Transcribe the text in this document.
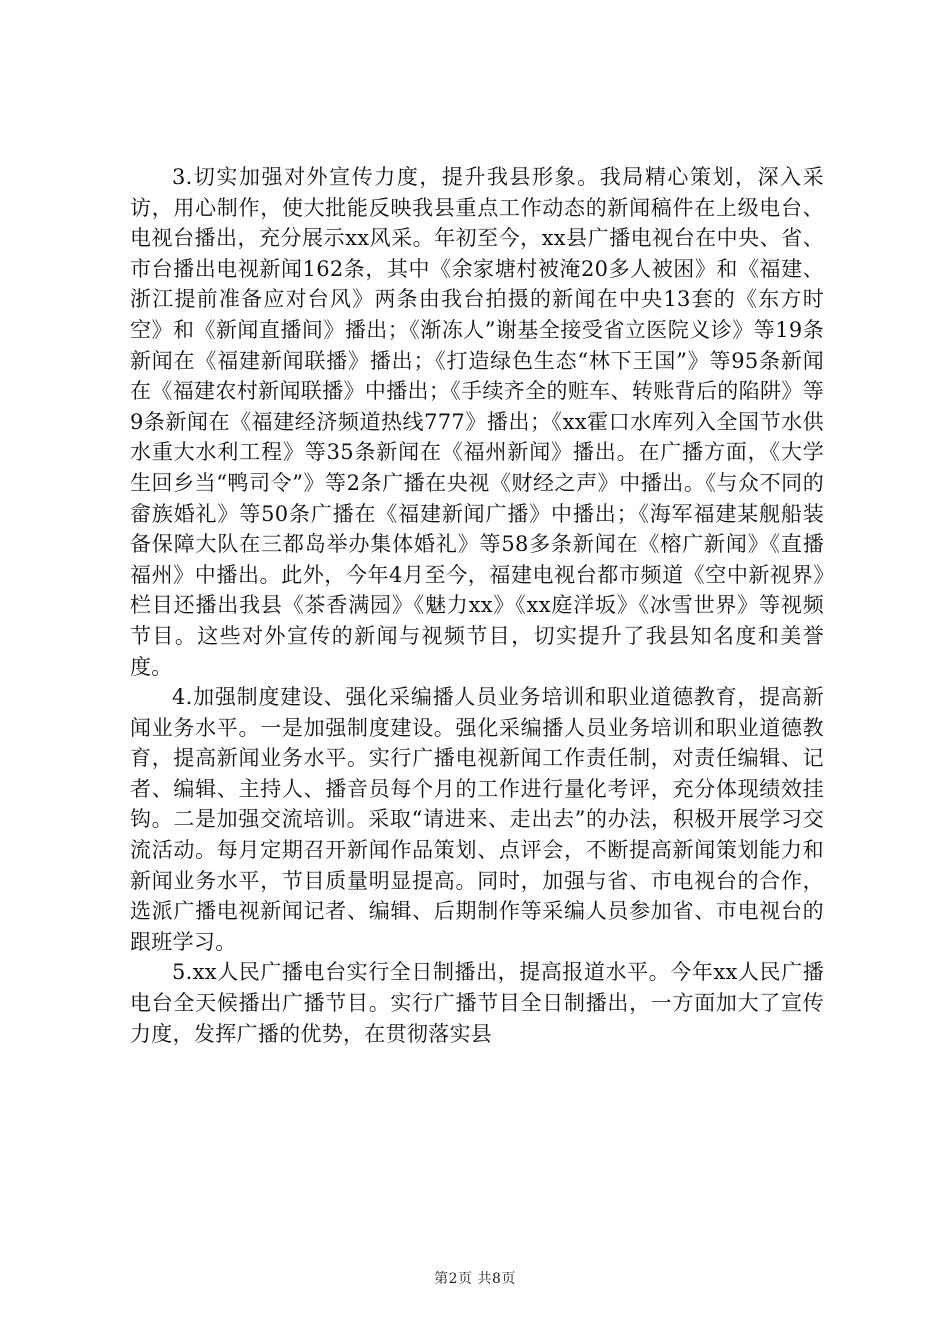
3.切实加强对外宣传力度，提升我县形象。我局精心策划，深入采访，用心制作，使大批能反映我县重点工作动态的新闻稿件在上级电台、电视台播出，充分展示xx风采。年初至今，xx县广播电视台在中央、省、市台播出电视新闻162条，其中《余家塘村被淹20多人被困》和《福建、浙江提前准备应对台风》两条由我台拍摄的新闻在中央13套的《东方时空》和《新闻直播间》播出；《渐冻人”谢基全接受省立医院义诊》等19条新闻在《福建新闻联播》播出；《打造绿色生态“林下王国”》等95条新闻在《福建农村新闻联播》中播出；《手续齐全的赃车、转账背后的陷阱》等9条新闻在《福建经济频道热线777》播出；《xx霍口水库列入全国节水供水重大水利工程》等35条新闻在《福州新闻》播出。在广播方面，《大学生回乡当“鸭司令”》等2条广播在央视《财经之声》中播出。《与众不同的畲族婚礼》等50条广播在《福建新闻广播》中播出；《海军福建某舰船装备保障大队在三都岛举办集体婚礼》等58多条新闻在《榕广新闻》《直播福州》中播出。此外，今年4月至今，福建电视台都市频道《空中新视界》栏目还播出我县《茶香满园》《魅力xx》《xx庭洋坂》《冰雪世界》等视频节目。这些对外宣传的新闻与视频节目，切实提升了我县知名度和美誉度。

4.加强制度建设、强化采编播人员业务培训和职业道德教育，提高新闻业务水平。一是加强制度建设。强化采编播人员业务培训和职业道德教育，提高新闻业务水平。实行广播电视新闻工作责任制，对责任编辑、记者、编辑、主持人、播音员每个月的工作进行量化考评，充分体现绩效挂钩。二是加强交流培训。采取“请进来、走出去”的办法，积极开展学习交流活动。每月定期召开新闻作品策划、点评会，不断提高新闻策划能力和新闻业务水平，节目质量明显提高。同时，加强与省、市电视台的合作，选派广播电视新闻记者、编辑、后期制作等采编人员参加省、市电视台的跟班学习。

5.xx人民广播电台实行全日制播出，提高报道水平。今年xx人民广播电台全天候播出广播节目。实行广播节目全日制播出，一方面加大了宣传力度，发挥广播的优势，在贯彻落实县

第2页 共8页
